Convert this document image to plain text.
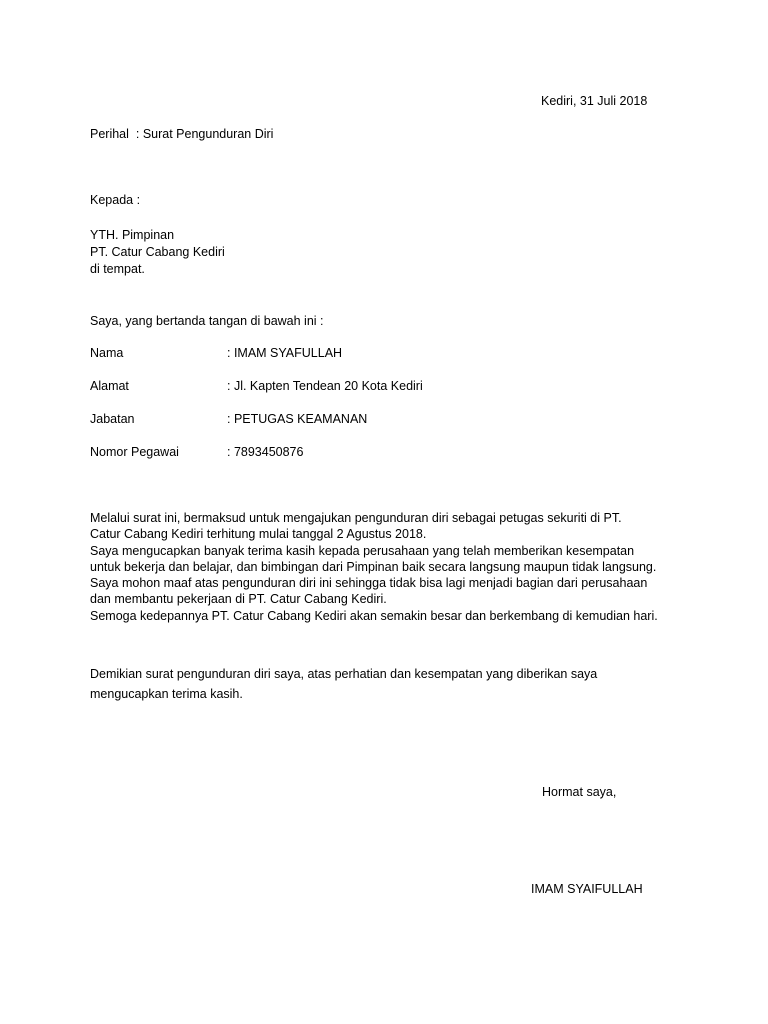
Kediri, 31 Juli 2018
Perihal : Surat Pengunduran Diri
Kepada :
YTH. Pimpinan
PT. Catur Cabang Kediri
di tempat.
Saya, yang bertanda tangan di bawah ini :
Nama	: IMAM SYAFULLAH
Alamat	: Jl. Kapten Tendean 20 Kota Kediri
Jabatan	: PETUGAS KEAMANAN
Nomor Pegawai	: 7893450876
Melalui surat ini, bermaksud untuk mengajukan pengunduran diri sebagai petugas sekuriti di PT.
Catur Cabang Kediri terhitung mulai tanggal 2 Agustus 2018.
Saya mengucapkan banyak terima kasih kepada perusahaan yang telah memberikan kesempatan
untuk bekerja dan belajar, dan bimbingan dari Pimpinan baik secara langsung maupun tidak langsung.
Saya mohon maaf atas pengunduran diri ini sehingga tidak bisa lagi menjadi bagian dari perusahaan
dan membantu pekerjaan di PT. Catur Cabang Kediri.
Semoga kedepannya PT. Catur Cabang Kediri akan semakin besar dan berkembang di kemudian hari.
Demikian surat pengunduran diri saya, atas perhatian dan kesempatan yang diberikan saya
mengucapkan terima kasih.
Hormat saya,
IMAM SYAIFULLAH
